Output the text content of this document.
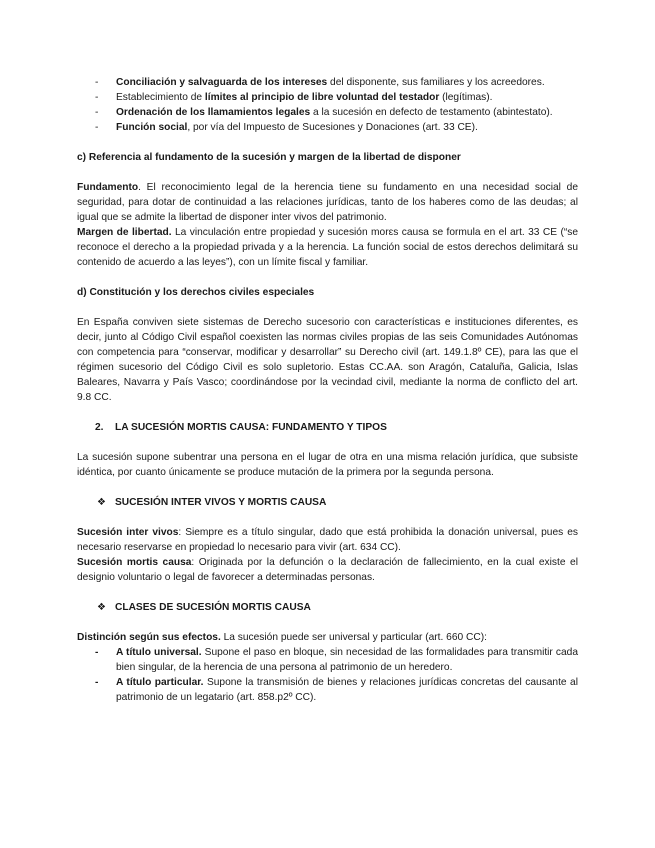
- Conciliación y salvaguarda de los intereses del disponente, sus familiares y los acreedores.
- Establecimiento de límites al principio de libre voluntad del testador (legítimas).
- Ordenación de los llamamientos legales a la sucesión en defecto de testamento (abintestato).
- Función social, por vía del Impuesto de Sucesiones y Donaciones (art. 33 CE).

c) Referencia al fundamento de la sucesión y margen de la libertad de disponer

Fundamento. El reconocimiento legal de la herencia tiene su fundamento en una necesidad social de seguridad, para dotar de continuidad a las relaciones jurídicas, tanto de los haberes como de las deudas; al igual que se admite la libertad de disponer inter vivos del patrimonio.

Margen de libertad. La vinculación entre propiedad y sucesión morԑs causa se formula en el art. 33 CE (“se reconoce el derecho a la propiedad privada y a la herencia. La función social de estos derechos delimitará su contenido de acuerdo a las leyes”), con un límite fiscal y familiar.

d) Constitución y los derechos civiles especiales

En España conviven siete sistemas de Derecho sucesorio con características e instituciones diferentes, es decir, junto al Código Civil español coexisten las normas civiles propias de las seis Comunidades Autónomas con competencia para “conservar, modificar y desarrollar” su Derecho civil (art. 149.1.8º CE), para las que el régimen sucesorio del Código Civil es solo supletorio. Estas CC.AA. son Aragón, Cataluña, Galicia, Islas Baleares, Navarra y País Vasco; coordinándose por la vecindad civil, mediante la norma de conflicto del art. 9.8 CC.

2. LA SUCESIÓN MORTIS CAUSA: FUNDAMENTO Y TIPOS

La sucesión supone subentrar una persona en el lugar de otra en una misma relación jurídica, que subsiste idéntica, por cuanto únicamente se produce mutación de la primera por la segunda persona.

❖ SUCESIÓN INTER VIVOS Y MORTIS CAUSA

Sucesión inter vivos: Siempre es a título singular, dado que está prohibida la donación universal, pues es necesario reservarse en propiedad lo necesario para vivir (art. 634 CC).

Sucesión mortis causa: Originada por la defunción o la declaración de fallecimiento, en la cual existe el designio voluntario o legal de favorecer a determinadas personas.

❖ CLASES DE SUCESIÓN MORTIS CAUSA

Distinción según sus efectos. La sucesión puede ser universal y particular (art. 660 CC):

- A título universal. Supone el paso en bloque, sin necesidad de las formalidades para transmitir cada bien singular, de la herencia de una persona al patrimonio de un heredero.
- A título particular. Supone la transmisión de bienes y relaciones jurídicas concretas del causante al patrimonio de un legatario (art. 858.p2º CC).
